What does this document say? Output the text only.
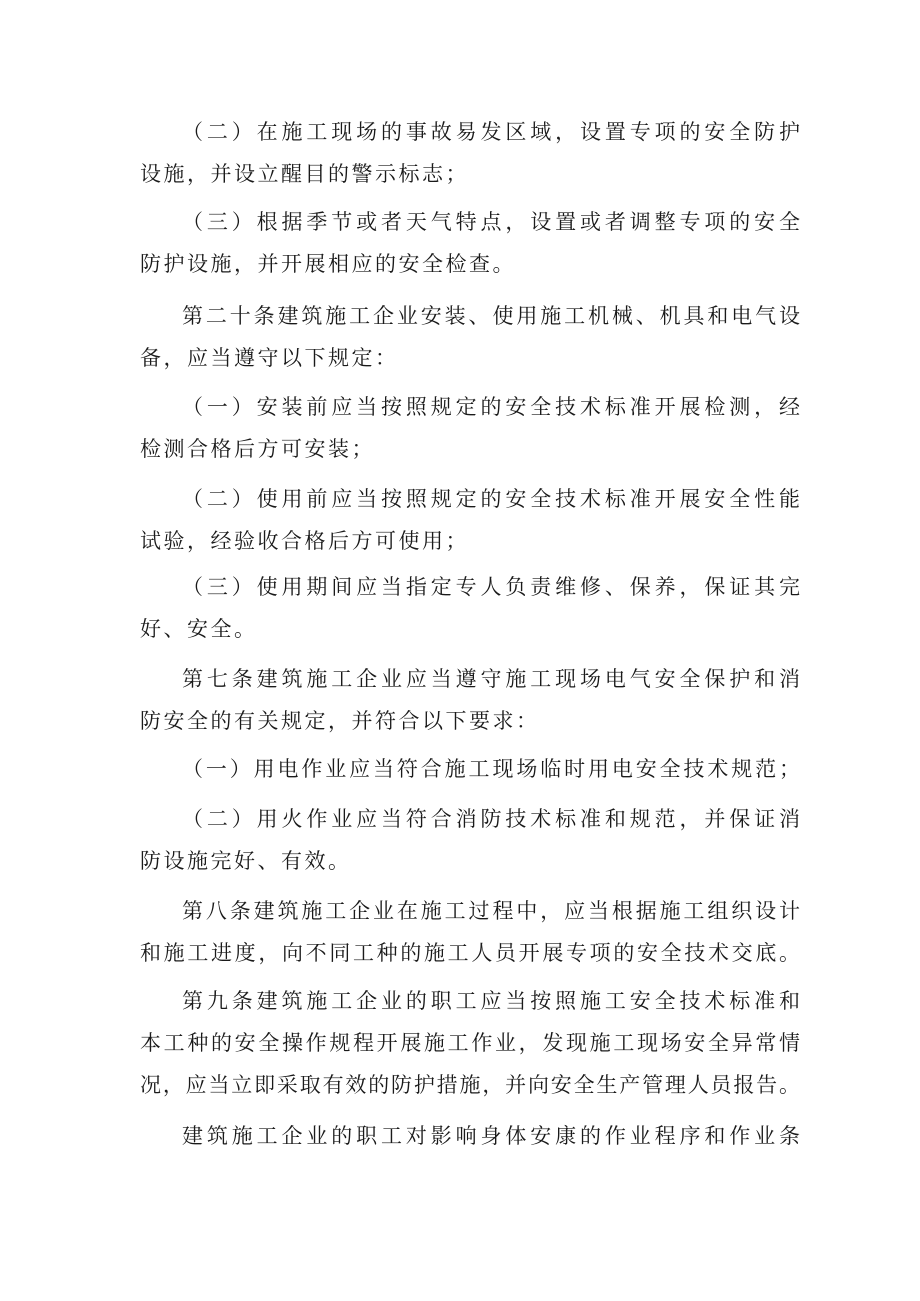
（二）在施工现场的事故易发区域，设置专项的安全防护

设施，并设立醒目的警示标志；

（三）根据季节或者天气特点，设置或者调整专项的安全

防护设施，并开展相应的安全检查。

第二十条建筑施工企业安装、使用施工机械、机具和电气设

备，应当遵守以下规定：

（一）安装前应当按照规定的安全技术标准开展检测，经

检测合格后方可安装；

（二）使用前应当按照规定的安全技术标准开展安全性能

试验，经验收合格后方可使用；

（三）使用期间应当指定专人负责维修、保养，保证其完

好、安全。

第七条建筑施工企业应当遵守施工现场电气安全保护和消

防安全的有关规定，并符合以下要求：

（一）用电作业应当符合施工现场临时用电安全技术规范；

（二）用火作业应当符合消防技术标准和规范，并保证消

防设施完好、有效。

第八条建筑施工企业在施工过程中，应当根据施工组织设计

和施工进度，向不同工种的施工人员开展专项的安全技术交底。

第九条建筑施工企业的职工应当按照施工安全技术标准和

本工种的安全操作规程开展施工作业，发现施工现场安全异常情

况，应当立即采取有效的防护措施，并向安全生产管理人员报告。

建筑施工企业的职工对影响身体安康的作业程序和作业条
